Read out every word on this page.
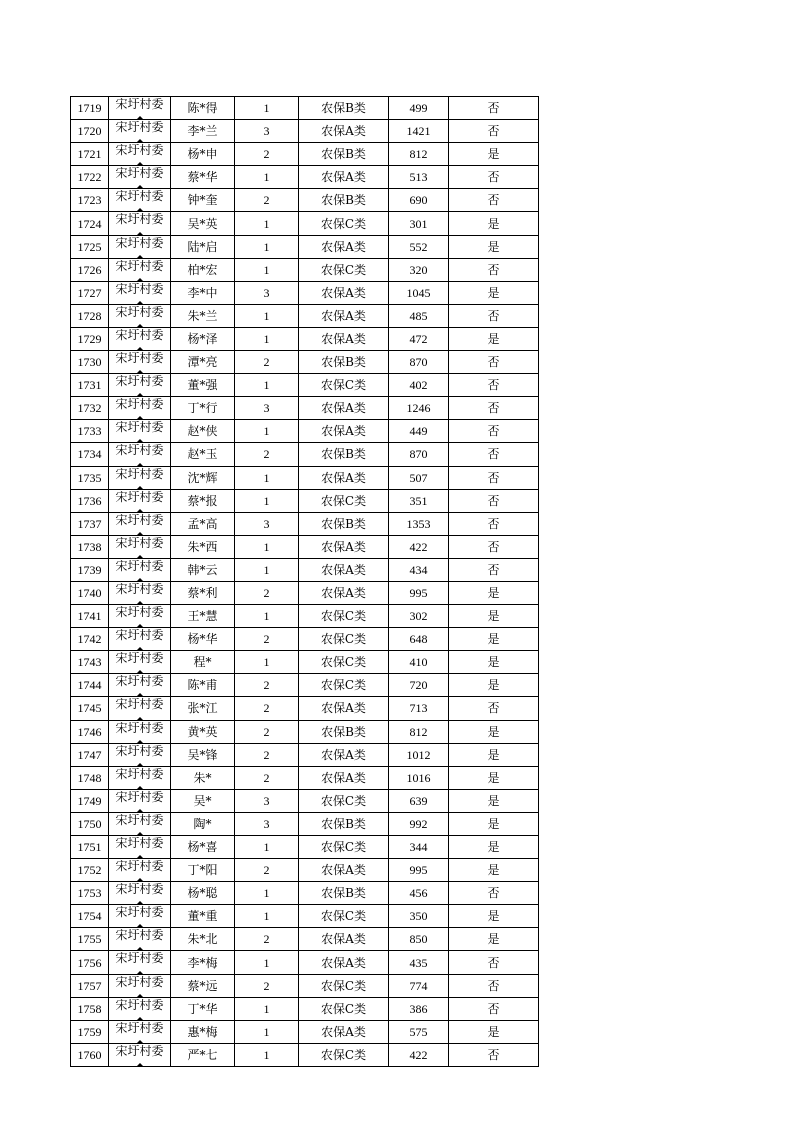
1719	宋圩村委	陈*得	1	农保B类	499	否
1720	宋圩村委	李*兰	3	农保A类	1421	否
1721	宋圩村委	杨*申	2	农保B类	812	是
1722	宋圩村委	蔡*华	1	农保A类	513	否
1723	宋圩村委	钟*奎	2	农保B类	690	否
1724	宋圩村委	吴*英	1	农保C类	301	是
1725	宋圩村委	陆*启	1	农保A类	552	是
1726	宋圩村委	柏*宏	1	农保C类	320	否
1727	宋圩村委	李*中	3	农保A类	1045	是
1728	宋圩村委	朱*兰	1	农保A类	485	否
1729	宋圩村委	杨*泽	1	农保A类	472	是
1730	宋圩村委	潭*亮	2	农保B类	870	否
1731	宋圩村委	董*强	1	农保C类	402	否
1732	宋圩村委	丁*行	3	农保A类	1246	否
1733	宋圩村委	赵*侠	1	农保A类	449	否
1734	宋圩村委	赵*玉	2	农保B类	870	否
1735	宋圩村委	沈*辉	1	农保A类	507	否
1736	宋圩村委	蔡*报	1	农保C类	351	否
1737	宋圩村委	孟*高	3	农保B类	1353	否
1738	宋圩村委	朱*西	1	农保A类	422	否
1739	宋圩村委	韩*云	1	农保A类	434	否
1740	宋圩村委	蔡*利	2	农保A类	995	是
1741	宋圩村委	王*慧	1	农保C类	302	是
1742	宋圩村委	杨*华	2	农保C类	648	是
1743	宋圩村委	程*	1	农保C类	410	是
1744	宋圩村委	陈*甫	2	农保C类	720	是
1745	宋圩村委	张*江	2	农保A类	713	否
1746	宋圩村委	黄*英	2	农保B类	812	是
1747	宋圩村委	吴*锋	2	农保A类	1012	是
1748	宋圩村委	朱*	2	农保A类	1016	是
1749	宋圩村委	吴*	3	农保C类	639	是
1750	宋圩村委	陶*	3	农保B类	992	是
1751	宋圩村委	杨*喜	1	农保C类	344	是
1752	宋圩村委	丁*阳	2	农保A类	995	是
1753	宋圩村委	杨*聪	1	农保B类	456	否
1754	宋圩村委	董*重	1	农保C类	350	是
1755	宋圩村委	朱*北	2	农保A类	850	是
1756	宋圩村委	李*梅	1	农保A类	435	否
1757	宋圩村委	蔡*远	2	农保C类	774	否
1758	宋圩村委	丁*华	1	农保C类	386	否
1759	宋圩村委	惠*梅	1	农保A类	575	是
1760	宋圩村委	严*七	1	农保C类	422	否
